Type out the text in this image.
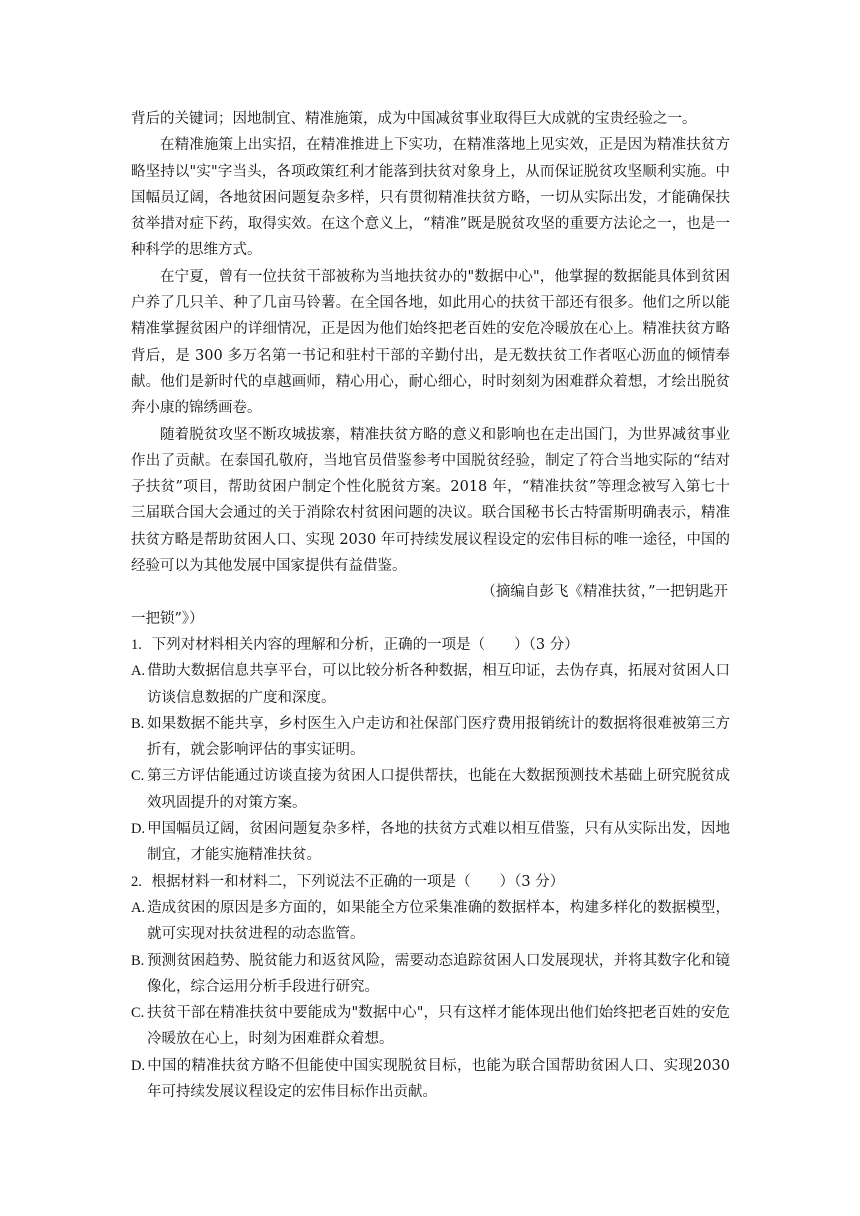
背后的关键词；因地制宜、精准施策，成为中国减贫事业取得巨大成就的宝贵经验之一。

在精准施策上出实招，在精准推进上下实功，在精准落地上见实效，正是因为精准扶贫方略坚持以"实"字当头，各项政策红利才能落到扶贫对象身上，从而保证脱贫攻坚顺利实施。中国幅员辽阔，各地贫困问题复杂多样，只有贯彻精准扶贫方略，一切从实际出发，才能确保扶贫举措对症下药，取得实效。在这个意义上，“精准”既是脱贫攻坚的重要方法论之一，也是一种科学的思维方式。

在宁夏，曾有一位扶贫干部被称为当地扶贫办的"数据中心"，他掌握的数据能具体到贫困户养了几只羊、种了几亩马铃薯。在全国各地，如此用心的扶贫干部还有很多。他们之所以能精准掌握贫困户的详细情况，正是因为他们始终把老百姓的安危冷暖放在心上。精准扶贫方略背后，是 300 多万名第一书记和驻村干部的辛勤付出，是无数扶贫工作者呕心沥血的倾情奉献。他们是新时代的卓越画师，精心用心，耐心细心，时时刻刻为困难群众着想，才绘出脱贫奔小康的锦绣画卷。

随着脱贫攻坚不断攻城拔寨，精准扶贫方略的意义和影响也在走出国门，为世界减贫事业作出了贡献。在泰国孔敬府，当地官员借鉴参考中国脱贫经验，制定了符合当地实际的“结对子扶贫”项目，帮助贫困户制定个性化脱贫方案。2018 年，“精准扶贫”等理念被写入第七十三届联合国大会通过的关于消除农村贫困问题的决议。联合国秘书长古特雷斯明确表示，精准扶贫方略是帮助贫困人口、实现 2030 年可持续发展议程设定的宏伟目标的唯一途径，中国的经验可以为其他发展中国家提供有益借鉴。

（摘编自彭飞《精准扶贫，”一把钥匙开

一把锁”》）

1. 下列对材料相关内容的理解和分析，正确的一项是（　　）（3 分）

A. 借助大数据信息共享平台，可以比较分析各种数据，相互印证，去伪存真，拓展对贫困人口访谈信息数据的广度和深度。

B. 如果数据不能共享，乡村医生入户走访和社保部门医疗费用报销统计的数据将很难被第三方折有，就会影响评估的事实证明。

C. 第三方评估能通过访谈直接为贫困人口提供帮扶，也能在大数据预测技术基础上研究脱贫成效巩固提升的对策方案。

D. 甲国幅员辽阔，贫困问题复杂多样，各地的扶贫方式难以相互借鉴，只有从实际出发，因地制宜，才能实施精准扶贫。

2. 根据材料一和材料二，下列说法不正确的一项是（　　）（3 分）

A. 造成贫困的原因是多方面的，如果能全方位采集准确的数据样本，构建多样化的数据模型，就可实现对扶贫进程的动态监管。

B. 预测贫困趋势、脱贫能力和返贫风险，需要动态追踪贫困人口发展现状，并将其数字化和镜像化，综合运用分析手段进行研究。

C. 扶贫干部在精准扶贫中要能成为"数据中心"，只有这样才能体现出他们始终把老百姓的安危冷暖放在心上，时刻为困难群众着想。

D. 中国的精准扶贫方略不但能使中国实现脱贫目标，也能为联合国帮助贫困人口、实现2030 年可持续发展议程设定的宏伟目标作出贡献。
